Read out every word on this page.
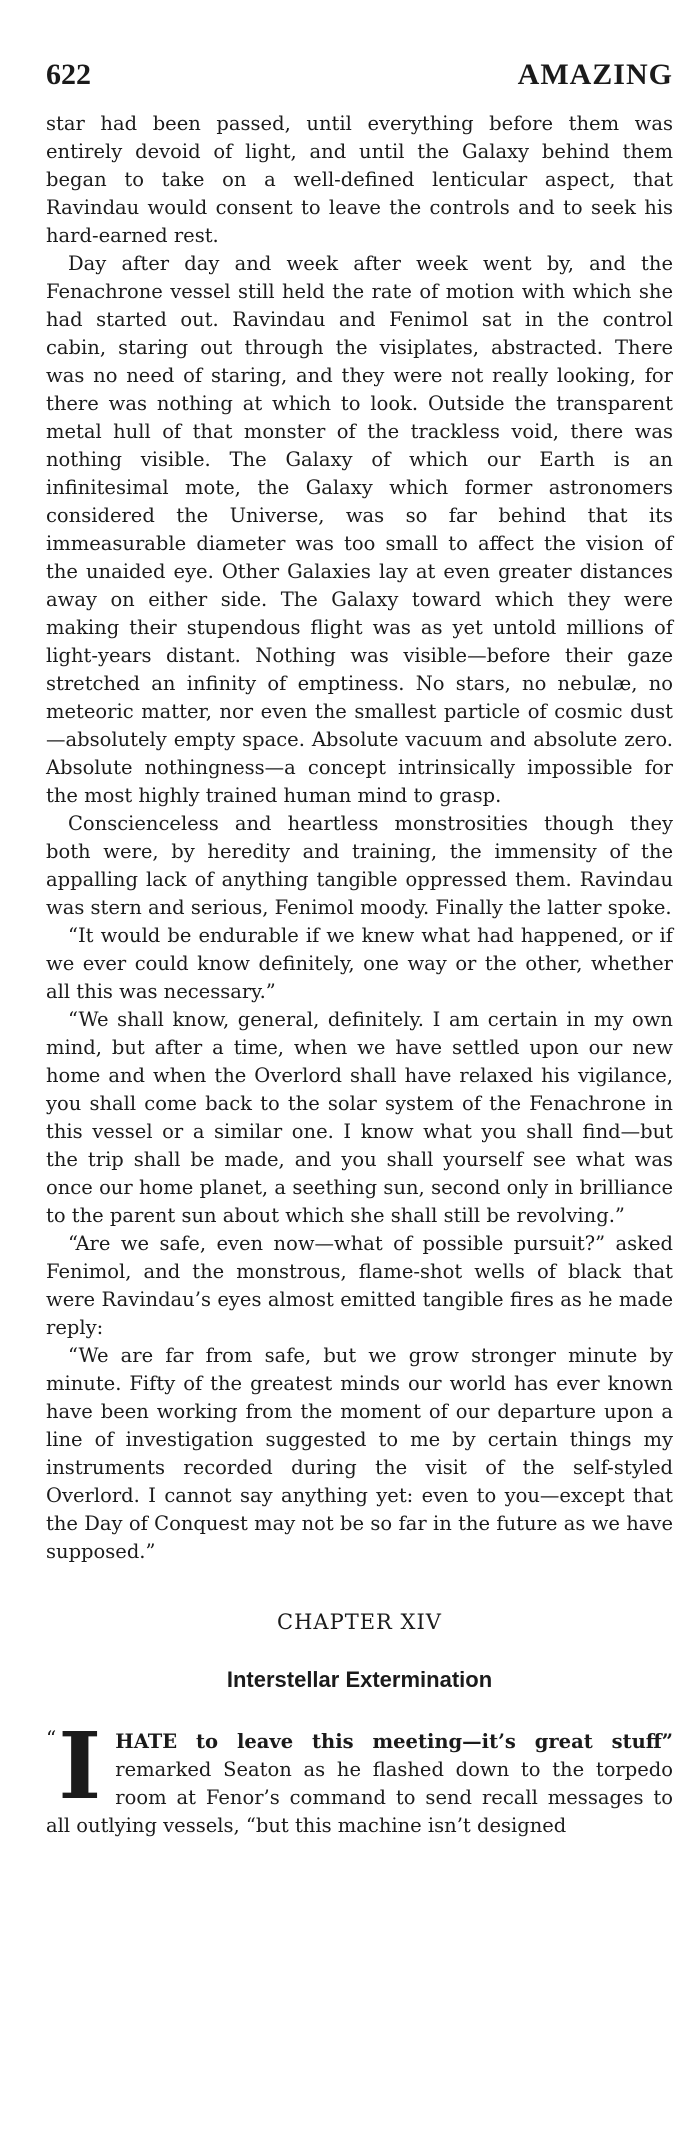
622	AMAZING

star had been passed, until everything before them was entirely devoid of light, and until the Galaxy behind them began to take on a well-defined lenticular aspect, that Ravindau would consent to leave the controls and to seek his hard-earned rest.

Day after day and week after week went by, and the Fenachrone vessel still held the rate of motion with which she had started out. Ravindau and Fenimol sat in the control cabin, staring out through the visiplates, abstracted. There was no need of staring, and they were not really looking, for there was nothing at which to look. Outside the transparent metal hull of that monster of the trackless void, there was nothing visible. The Galaxy of which our Earth is an infinitesimal mote, the Galaxy which former astronomers considered the Universe, was so far behind that its immeasurable diameter was too small to affect the vision of the unaided eye. Other Galaxies lay at even greater distances away on either side. The Galaxy toward which they were making their stupendous flight was as yet untold millions of light-years distant. Nothing was visible—before their gaze stretched an infinity of emptiness. No stars, no nebulæ, no meteoric matter, nor even the smallest particle of cosmic dust—absolutely empty space. Absolute vacuum and absolute zero. Absolute nothingness—a concept intrinsically impossible for the most highly trained human mind to grasp.

Conscienceless and heartless monstrosities though they both were, by heredity and training, the immensity of the appalling lack of anything tangible oppressed them. Ravindau was stern and serious, Fenimol moody. Finally the latter spoke.

“It would be endurable if we knew what had happened, or if we ever could know definitely, one way or the other, whether all this was necessary.”

“We shall know, general, definitely. I am certain in my own mind, but after a time, when we have settled upon our new home and when the Overlord shall have relaxed his vigilance, you shall come back to the solar system of the Fenachrone in this vessel or a similar one. I know what you shall find—but the trip shall be made, and you shall yourself see what was once our home planet, a seething sun, second only in brilliance to the parent sun about which she shall still be revolving.”

“Are we safe, even now—what of possible pursuit?” asked Fenimol, and the monstrous, flame-shot wells of black that were Ravindau’s eyes almost emitted tangible fires as he made reply:

“We are far from safe, but we grow stronger minute by minute. Fifty of the greatest minds our world has ever known have been working from the moment of our departure upon a line of investigation suggested to me by certain things my instruments recorded during the visit of the self-styled Overlord. I cannot say anything yet: even to you—except that the Day of Conquest may not be so far in the future as we have supposed.”

CHAPTER XIV
Interstellar Extermination

“ I HATE to leave this meeting—it’s great stuff” remarked Seaton as he flashed down to the torpedo room at Fenor’s command to send recall messages to all outlying vessels, “but this machine isn’t designed
